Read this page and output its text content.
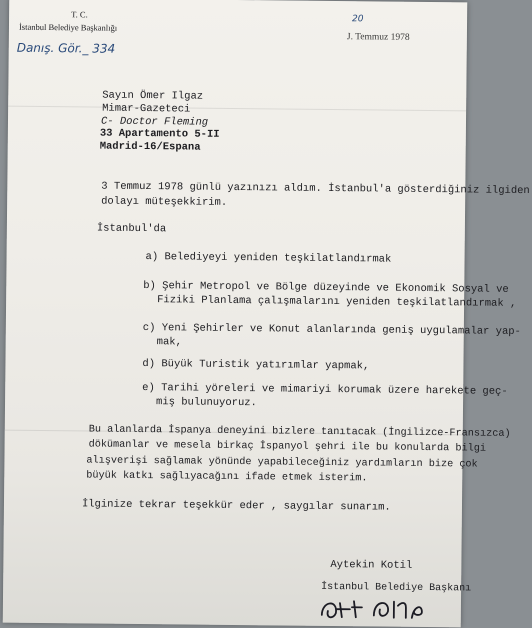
T. C.
İstanbul Belediye Başkanlığı
Danış. Gör._ 334
20
J. Temmuz 1978
Sayın Ömer Ilgaz
Mimar-Gazeteci
C- Doctor Fleming
33 Apartamento 5-II
Madrid-16/Espana
3 Temmuz 1978 günlü yazınızı aldım. İstanbul'a gösterdiğiniz ilgiden
dolayı müteşekkirim.
İstanbul'da
a) Belediyeyi yeniden teşkilatlandırmak
b) Şehir Metropol ve Bölge düzeyinde ve Ekonomik Sosyal ve
Fiziki Planlama çalışmalarını yeniden teşkilatlandırmak ,
c) Yeni Şehirler ve Konut alanlarında geniş uygulamalar yap-
mak,
d) Büyük Turistik yatırımlar yapmak,
e) Tarihi yöreleri ve mimariyi korumak üzere harekete geç-
miş bulunuyoruz.
Bu alanlarda İspanya deneyini bizlere tanıtacak (İngilizce-Fransızca)
dökümanlar ve mesela birkaç İspanyol şehri ile bu konularda bilgi
alışverişi sağlamak yönünde yapabileceğiniz yardımların bize çok
büyük katkı sağlıyacağını ifade etmek isterim.
İlginize tekrar teşekkür eder , saygılar sunarım.
Aytekin Kotil
İstanbul Belediye Başkanı
